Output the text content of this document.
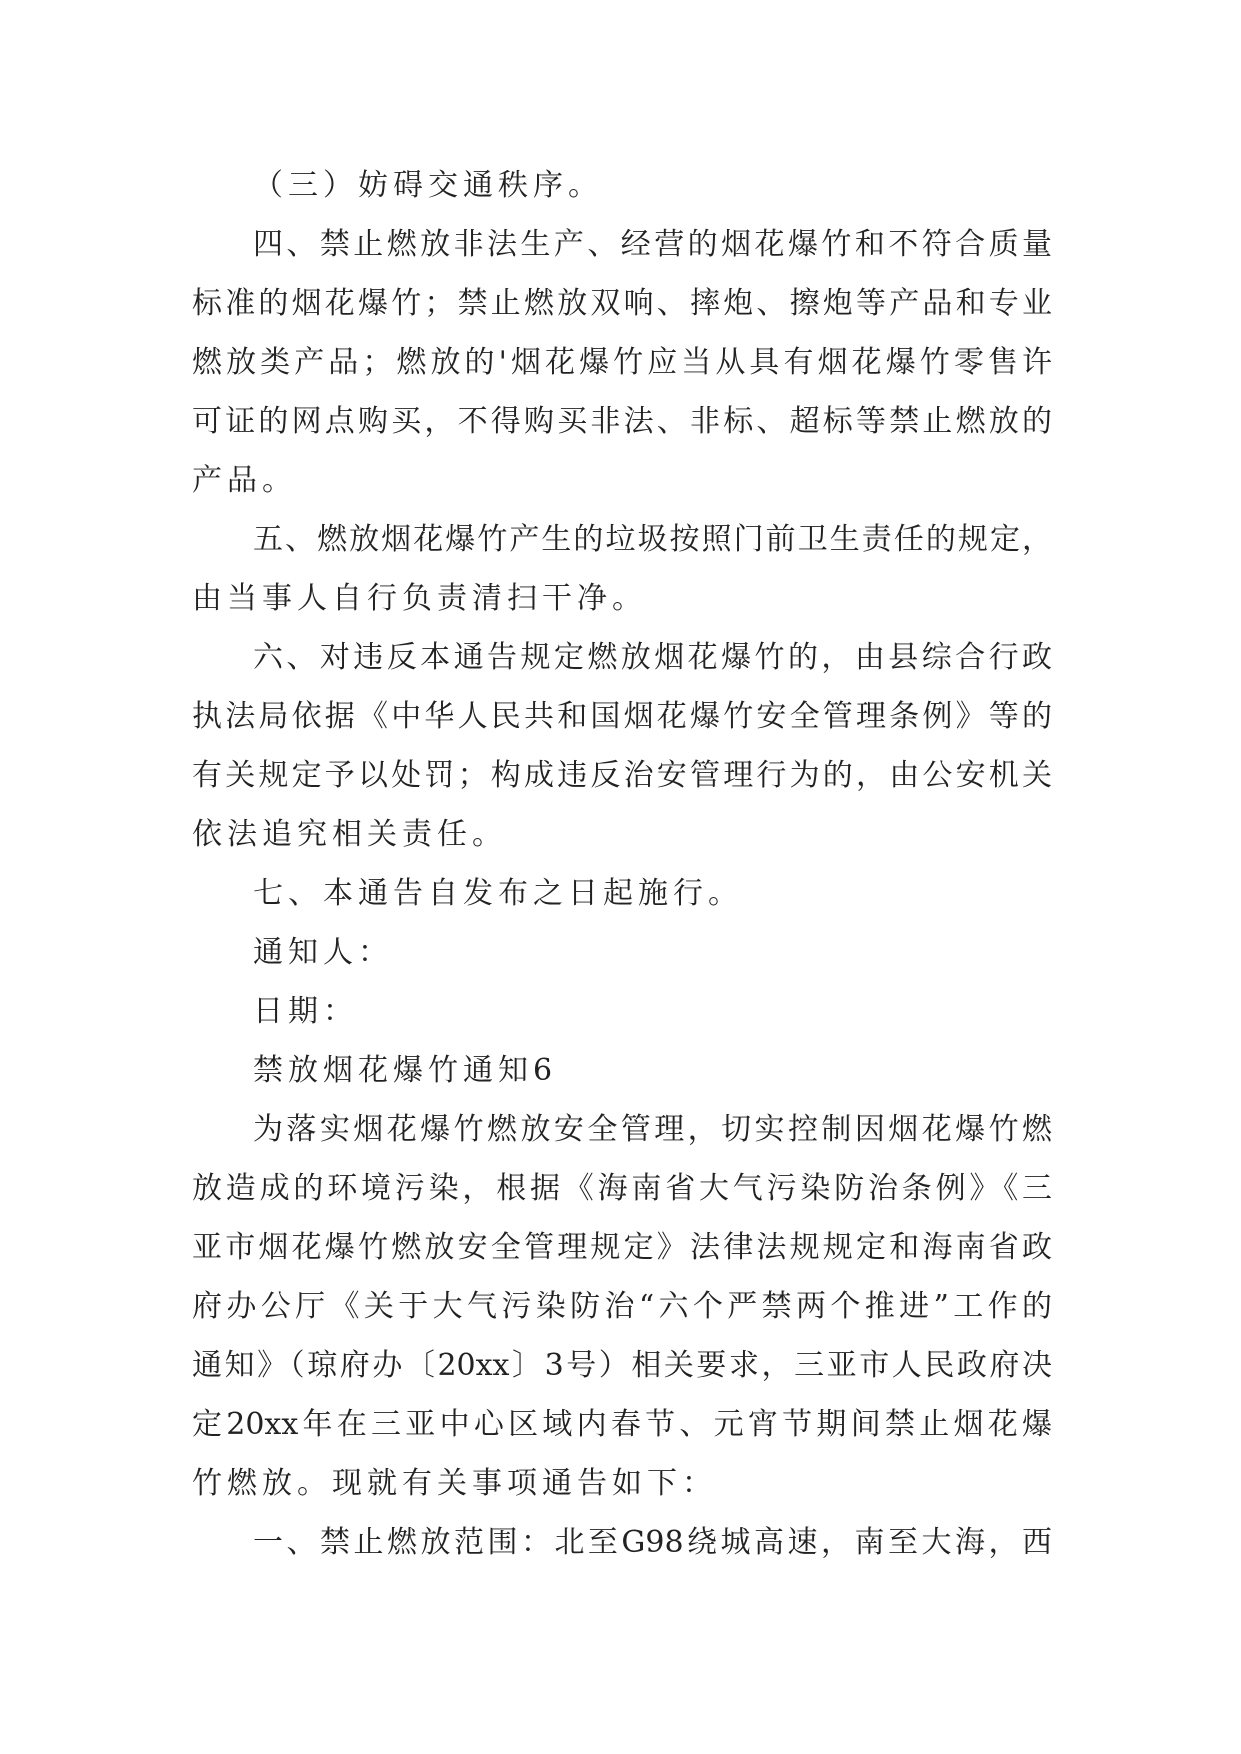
（三）妨碍交通秩序。
四、禁止燃放非法生产、经营的烟花爆竹和不符合质量
标准的烟花爆竹；禁止燃放双响、摔炮、擦炮等产品和专业
燃放类产品；燃放的'烟花爆竹应当从具有烟花爆竹零售许
可证的网点购买，不得购买非法、非标、超标等禁止燃放的
产品。
五、燃放烟花爆竹产生的垃圾按照门前卫生责任的规定，
由当事人自行负责清扫干净。
六、对违反本通告规定燃放烟花爆竹的，由县综合行政
执法局依据《中华人民共和国烟花爆竹安全管理条例》等的
有关规定予以处罚；构成违反治安管理行为的，由公安机关
依法追究相关责任。
七、本通告自发布之日起施行。
通知人：
日期：
禁放烟花爆竹通知6
为落实烟花爆竹燃放安全管理，切实控制因烟花爆竹燃
放造成的环境污染，根据《海南省大气污染防治条例》《三
亚市烟花爆竹燃放安全管理规定》法律法规规定和海南省政
府办公厅《关于大气污染防治“六个严禁两个推进”工作的
通知》（琼府办〔20xx〕3号）相关要求，三亚市人民政府决
定20xx年在三亚中心区域内春节、元宵节期间禁止烟花爆
竹燃放。现就有关事项通告如下：
一、禁止燃放范围：北至G98绕城高速，南至大海，西
